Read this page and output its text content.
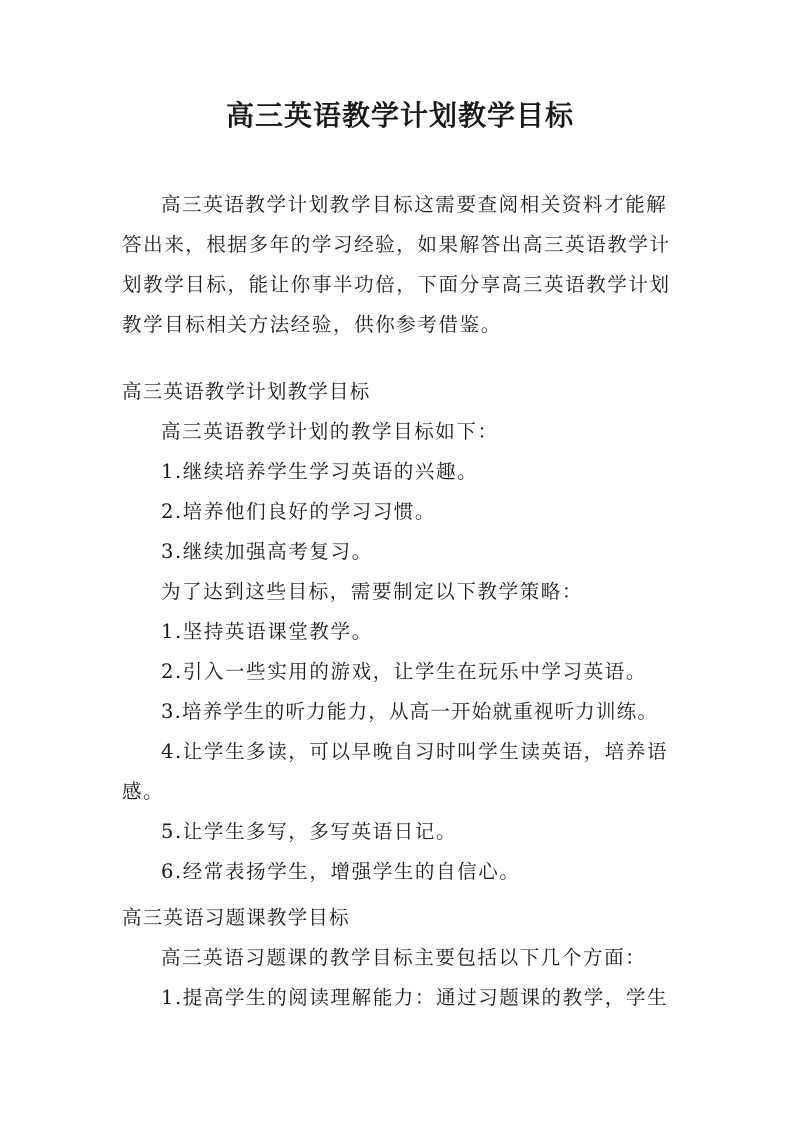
高三英语教学计划教学目标

高三英语教学计划教学目标这需要查阅相关资料才能解答出来，根据多年的学习经验，如果解答出高三英语教学计划教学目标，能让你事半功倍，下面分享高三英语教学计划教学目标相关方法经验，供你参考借鉴。

高三英语教学计划教学目标

高三英语教学计划的教学目标如下：

1.继续培养学生学习英语的兴趣。

2.培养他们良好的学习习惯。

3.继续加强高考复习。

为了达到这些目标，需要制定以下教学策略：

1.坚持英语课堂教学。

2.引入一些实用的游戏，让学生在玩乐中学习英语。

3.培养学生的听力能力，从高一开始就重视听力训练。

4.让学生多读，可以早晚自习时叫学生读英语，培养语感。

5.让学生多写，多写英语日记。

6.经常表扬学生，增强学生的自信心。

高三英语习题课教学目标

高三英语习题课的教学目标主要包括以下几个方面：

1.提高学生的阅读理解能力：通过习题课的教学，学生
